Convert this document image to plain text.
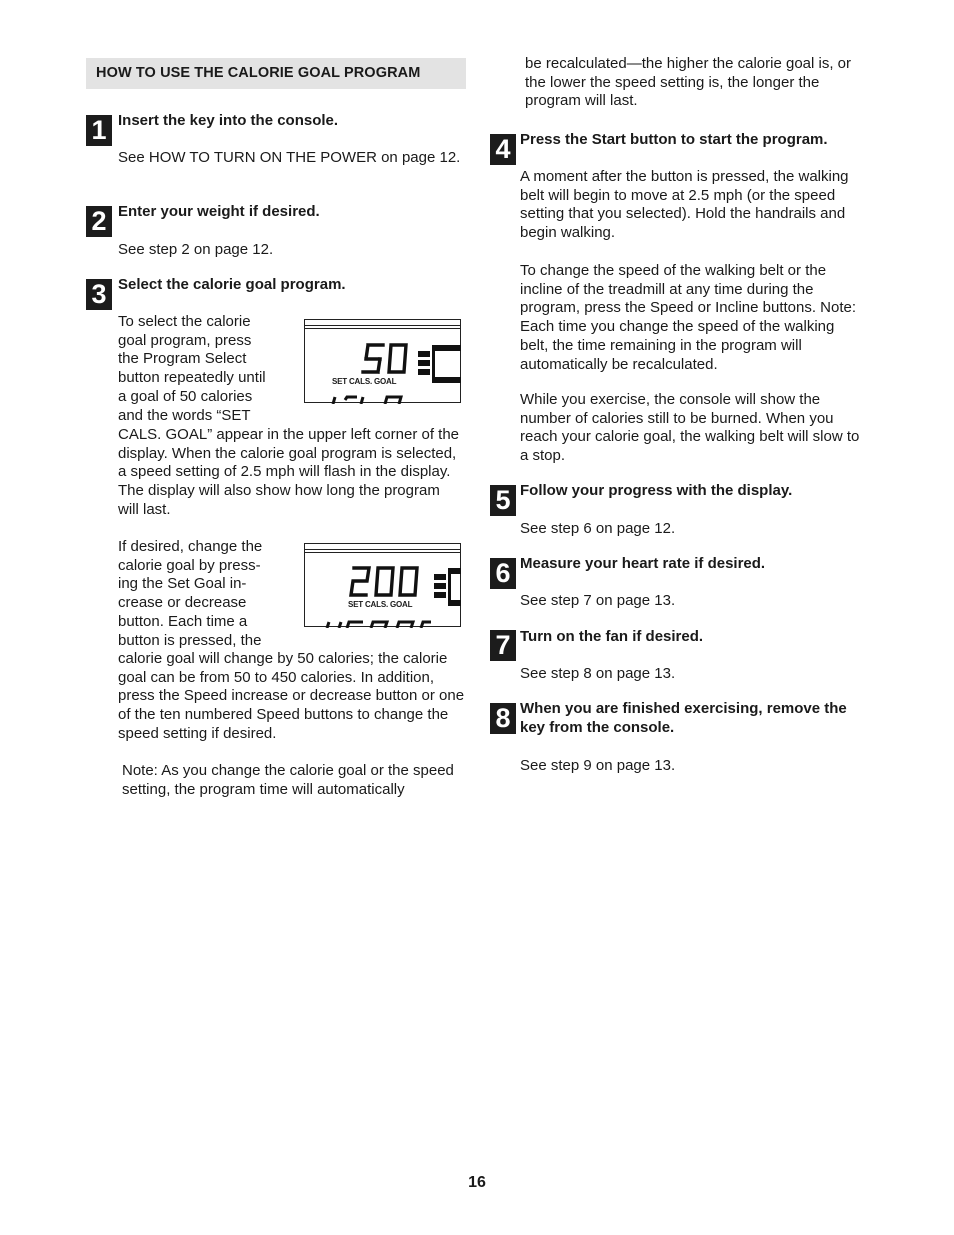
HOW TO USE THE CALORIE GOAL PROGRAM
1 Insert the key into the console.
See HOW TO TURN ON THE POWER on page 12.
2 Enter your weight if desired.
See step 2 on page 12.
3 Select the calorie goal program.
To select the calorie
goal program, press
the Program Select
button repeatedly until
a goal of 50 calories
and the words “SET
CALS. GOAL” appear in the upper left corner of the display. When the calorie goal program is selected, a speed setting of 2.5 mph will flash in the display. The display will also show how long the program will last.
SET CALS. GOAL
If desired, change the
calorie goal by press-
ing the Set Goal in-
crease or decrease
button. Each time a
button is pressed, the
calorie goal will change by 50 calories; the calorie goal can be from 50 to 450 calories. In addition, press the Speed increase or decrease button or one of the ten numbered Speed buttons to change the speed setting if desired.
SET CALS. GOAL
Note: As you change the calorie goal or the speed setting, the program time will automatically
be recalculated—the higher the calorie goal is, or the lower the speed setting is, the longer the program will last.
4 Press the Start button to start the program.
A moment after the button is pressed, the walking belt will begin to move at 2.5 mph (or the speed setting that you selected). Hold the handrails and begin walking.
To change the speed of the walking belt or the incline of the treadmill at any time during the program, press the Speed or Incline buttons. Note: Each time you change the speed of the walking belt, the time remaining in the program will automatically be recalculated.
While you exercise, the console will show the number of calories still to be burned. When you reach your calorie goal, the walking belt will slow to a stop.
5 Follow your progress with the display.
See step 6 on page 12.
6 Measure your heart rate if desired.
See step 7 on page 13.
7 Turn on the fan if desired.
See step 8 on page 13.
8 When you are finished exercising, remove the key from the console.
See step 9 on page 13.
16
